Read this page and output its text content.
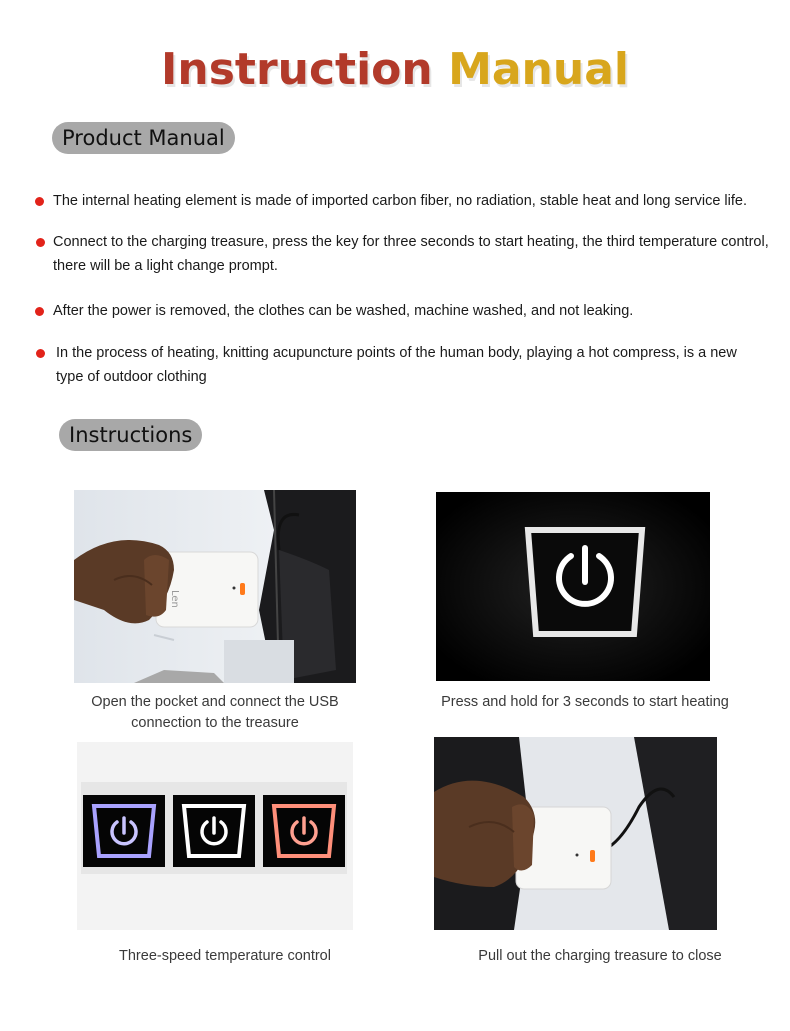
Instruction Manual
Product Manual
The internal heating element is made of imported carbon fiber, no radiation, stable heat and long service life.
Connect to the charging treasure, press the key for three seconds to start heating, the third temperature control, there will be a light change prompt.
After the power is removed, the clothes can be washed, machine washed, and not leaking.
In the process of heating, knitting acupuncture points of the human body, playing a hot compress, is a new type of outdoor clothing
Instructions
Len
Open the pocket and connect the USB connection to the treasure
Press and hold for 3 seconds to start heating
Three-speed temperature control	Pull out the charging treasure to close
